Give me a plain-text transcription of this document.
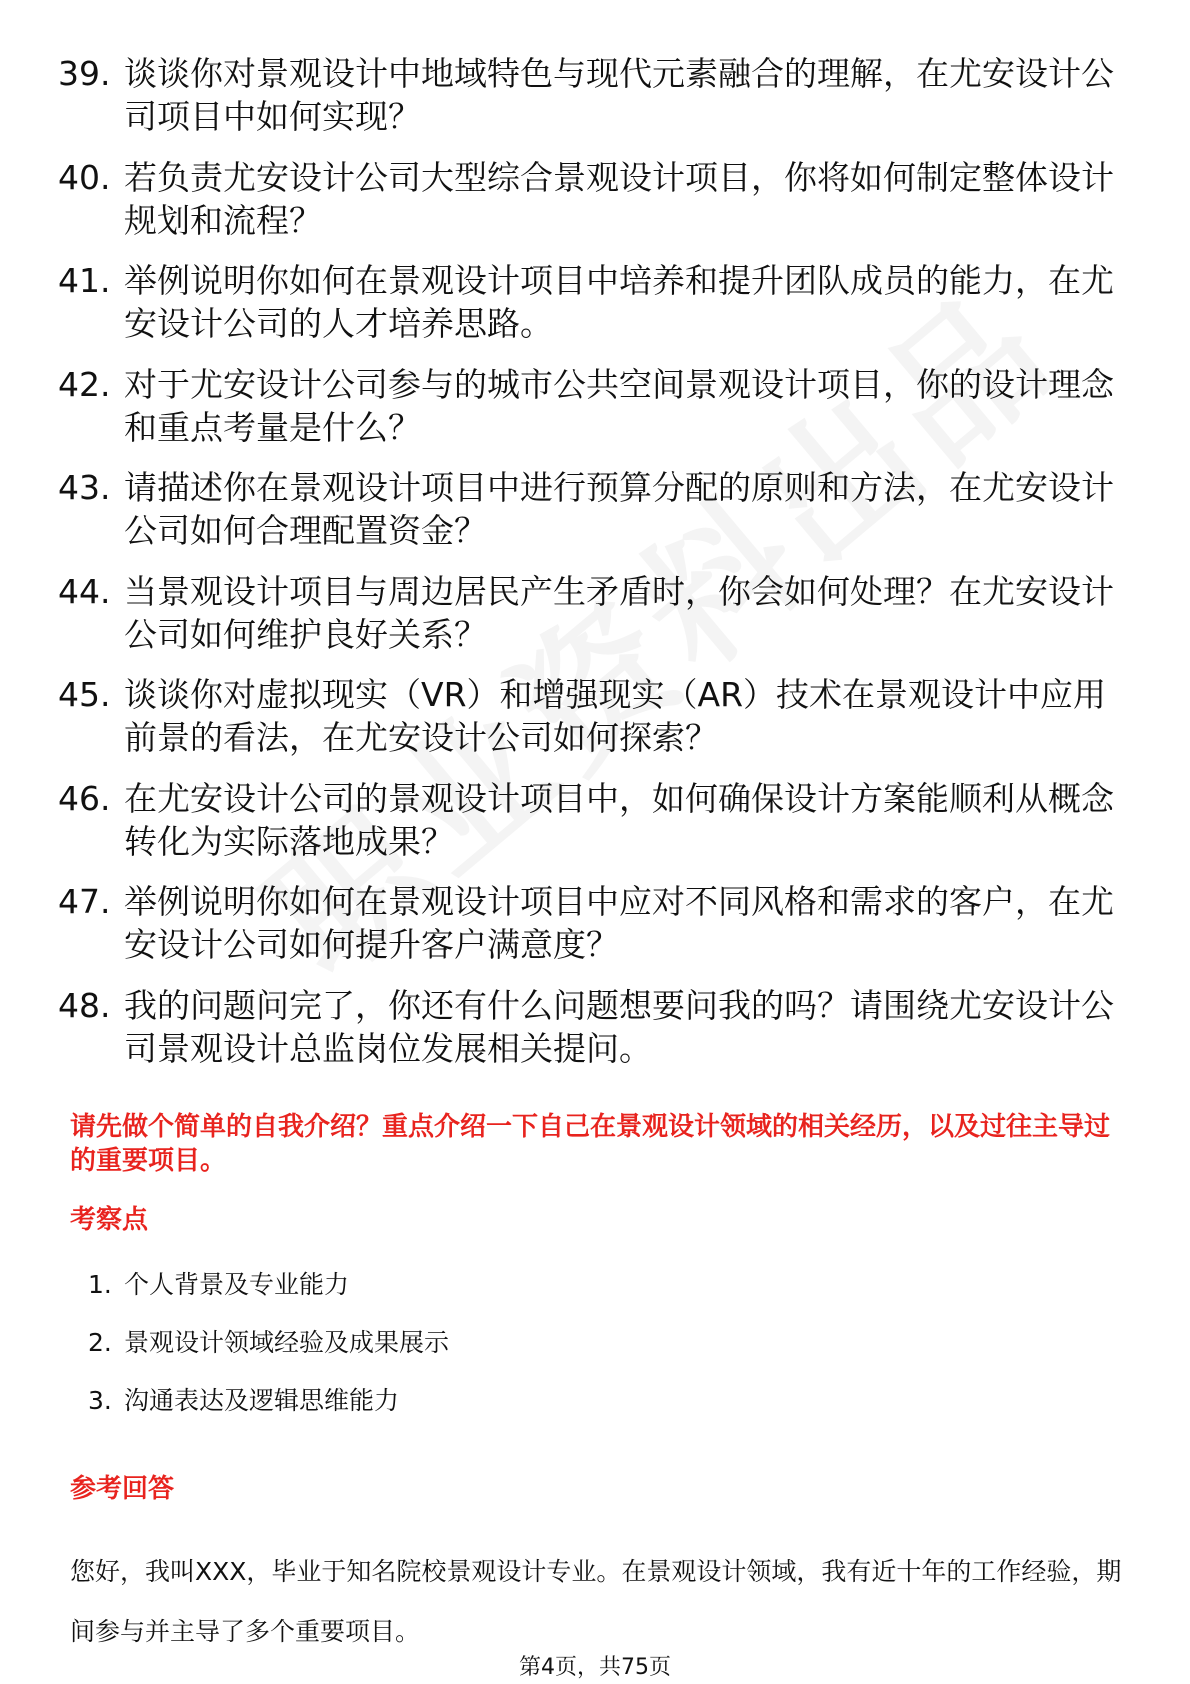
39. 谈谈你对景观设计中地域特色与现代元素融合的理解，在尤安设计公司项目中如何实现？
40. 若负责尤安设计公司大型综合景观设计项目，你将如何制定整体设计规划和流程？
41. 举例说明你如何在景观设计项目中培养和提升团队成员的能力，在尤安设计公司的人才培养思路。
42. 对于尤安设计公司参与的城市公共空间景观设计项目，你的设计理念和重点考量是什么？
43. 请描述你在景观设计项目中进行预算分配的原则和方法，在尤安设计公司如何合理配置资金？
44. 当景观设计项目与周边居民产生矛盾时，你会如何处理？在尤安设计公司如何维护良好关系？
45. 谈谈你对虚拟现实（VR）和增强现实（AR）技术在景观设计中应用前景的看法，在尤安设计公司如何探索？
46. 在尤安设计公司的景观设计项目中，如何确保设计方案能顺利从概念转化为实际落地成果？
47. 举例说明你如何在景观设计项目中应对不同风格和需求的客户，在尤安设计公司如何提升客户满意度？
48. 我的问题问完了，你还有什么问题想要问我的吗？请围绕尤安设计公司景观设计总监岗位发展相关提问。
请先做个简单的自我介绍？重点介绍一下自己在景观设计领域的相关经历，以及过往主导过的重要项目。
考察点
1. 个人背景及专业能力
2. 景观设计领域经验及成果展示
3. 沟通表达及逻辑思维能力
参考回答
您好，我叫XXX，毕业于知名院校景观设计专业。在景观设计领域，我有近十年的工作经验，期间参与并主导了多个重要项目。
第4页，共75页
